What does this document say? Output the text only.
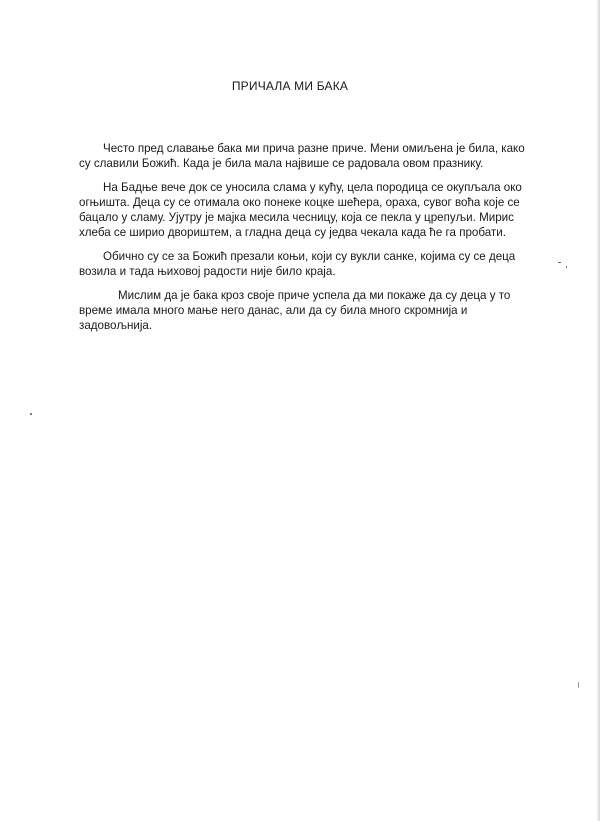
ПРИЧАЛА МИ БАКА

Често пред славање бака ми прича разне приче. Мени омиљена је била, како су славили Божић. Када је била мала највише се радовала овом празнику.

На Бадње вече док се уносила слама у кућу, цела породица се окупљала око огњишта. Деца су се отимала око понеке коцке шећера, ораха, сувог воћа које се бацало у сламу. Ујутру је мајка месила чесницу, која се пекла у црепуљи. Мирис хлеба се ширио двориштем, а гладна деца су једва чекала када ће га пробати.

Обично су се за Божић презали коњи, који су вукли санке, којима су се деца возила и тада њиховој радости није било краја.

Мислим да је бака кроз своје приче успела да ми покаже да су деца у то време имала много мање него данас, али да су била много скромнија и задовољнија.
